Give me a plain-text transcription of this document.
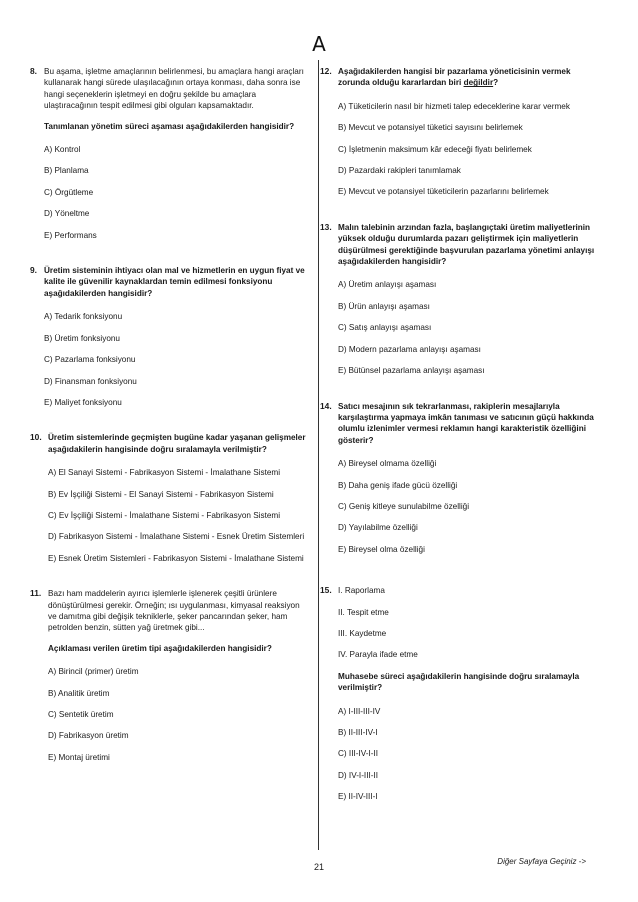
A
8. Bu aşama, işletme amaçlarının belirlenmesi, bu amaçlara hangi araçları kullanarak hangi sürede ulaşılacağının ortaya konması, daha sonra ise hangi seçeneklerin işletmeyi en doğru şekilde bu amaçlara ulaştıracağının tespit edilmesi gibi olguları kapsamaktadır.

Tanımlanan yönetim süreci aşaması aşağıdakilerden hangisidir?

A) Kontrol

B) Planlama

C) Örgütleme

D) Yöneltme

E) Performans

9. Üretim sisteminin ihtiyacı olan mal ve hizmetlerin en uygun fiyat ve kalite ile güvenilir kaynaklardan temin edilmesi fonksiyonu aşağıdakilerden hangisidir?

A) Tedarik fonksiyonu

B) Üretim fonksiyonu

C) Pazarlama fonksiyonu

D) Finansman fonksiyonu

E) Maliyet fonksiyonu

10. Üretim sistemlerinde geçmişten bugüne kadar yaşanan gelişmeler aşağıdakilerin hangisinde doğru sıralamayla verilmiştir?

A) El Sanayi Sistemi - Fabrikasyon Sistemi - İmalathane Sistemi

B) Ev İşçiliği Sistemi - El Sanayi Sistemi - Fabrikasyon Sistemi

C) Ev İşçiliği Sistemi - İmalathane Sistemi - Fabrikasyon Sistemi

D) Fabrikasyon Sistemi - İmalathane Sistemi - Esnek Üretim Sistemleri

E) Esnek Üretim Sistemleri - Fabrikasyon Sistemi - İmalathane Sistemi

11. Bazı ham maddelerin ayırıcı işlemlerle işlenerek çeşitli ürünlere dönüştürülmesi gerekir. Örneğin; ısı uygulanması, kimyasal reaksiyon ve damıtma gibi değişik tekniklerle, şeker pancarından şeker, ham petrolden benzin, sütten yağ üretmek gibi...

Açıklaması verilen üretim tipi aşağıdakilerden hangisidir?

A) Birincil (primer) üretim

B) Analitik üretim

C) Sentetik üretim

D) Fabrikasyon üretim

E) Montaj üretimi

12. Aşağıdakilerden hangisi bir pazarlama yöneticisinin vermek zorunda olduğu kararlardan biri değildir?

A) Tüketicilerin nasıl bir hizmeti talep edeceklerine karar vermek

B) Mevcut ve potansiyel tüketici sayısını belirlemek

C) İşletmenin maksimum kâr edeceği fiyatı belirlemek

D) Pazardaki rakipleri tanımlamak

E) Mevcut ve potansiyel tüketicilerin pazarlarını belirlemek

13. Malın talebinin arzından fazla, başlangıçtaki üretim maliyetlerinin yüksek olduğu durumlarda pazarı geliştirmek için maliyetlerin düşürülmesi gerektiğinde başvurulan pazarlama yönetimi anlayışı aşağıdakilerden hangisidir?

A) Üretim anlayışı aşaması

B) Ürün anlayışı aşaması

C) Satış anlayışı aşaması

D) Modern pazarlama anlayışı aşaması

E) Bütünsel pazarlama anlayışı aşaması

14. Satıcı mesajının sık tekrarlanması, rakiplerin mesajlarıyla karşılaştırma yapmaya imkân tanıması ve satıcının güçü hakkında olumlu izlenimler vermesi reklamın hangi karakteristik özelliğini gösterir?

A) Bireysel olmama özelliği

B) Daha geniş ifade gücü özelliği

C) Geniş kitleye sunulabilme özelliği

D) Yayılabilme özelliği

E) Bireysel olma özelliği

15. I. Raporlama

II. Tespit etme

III. Kaydetme

IV. Parayla ifade etme

Muhasebe süreci aşağıdakilerin hangisinde doğru sıralamayla verilmiştir?

A) I-III-III-IV

B) II-III-IV-I

C) III-IV-I-II

D) IV-I-III-II

E) II-IV-III-I

Diğer Sayfaya Geçiniz ->
21
